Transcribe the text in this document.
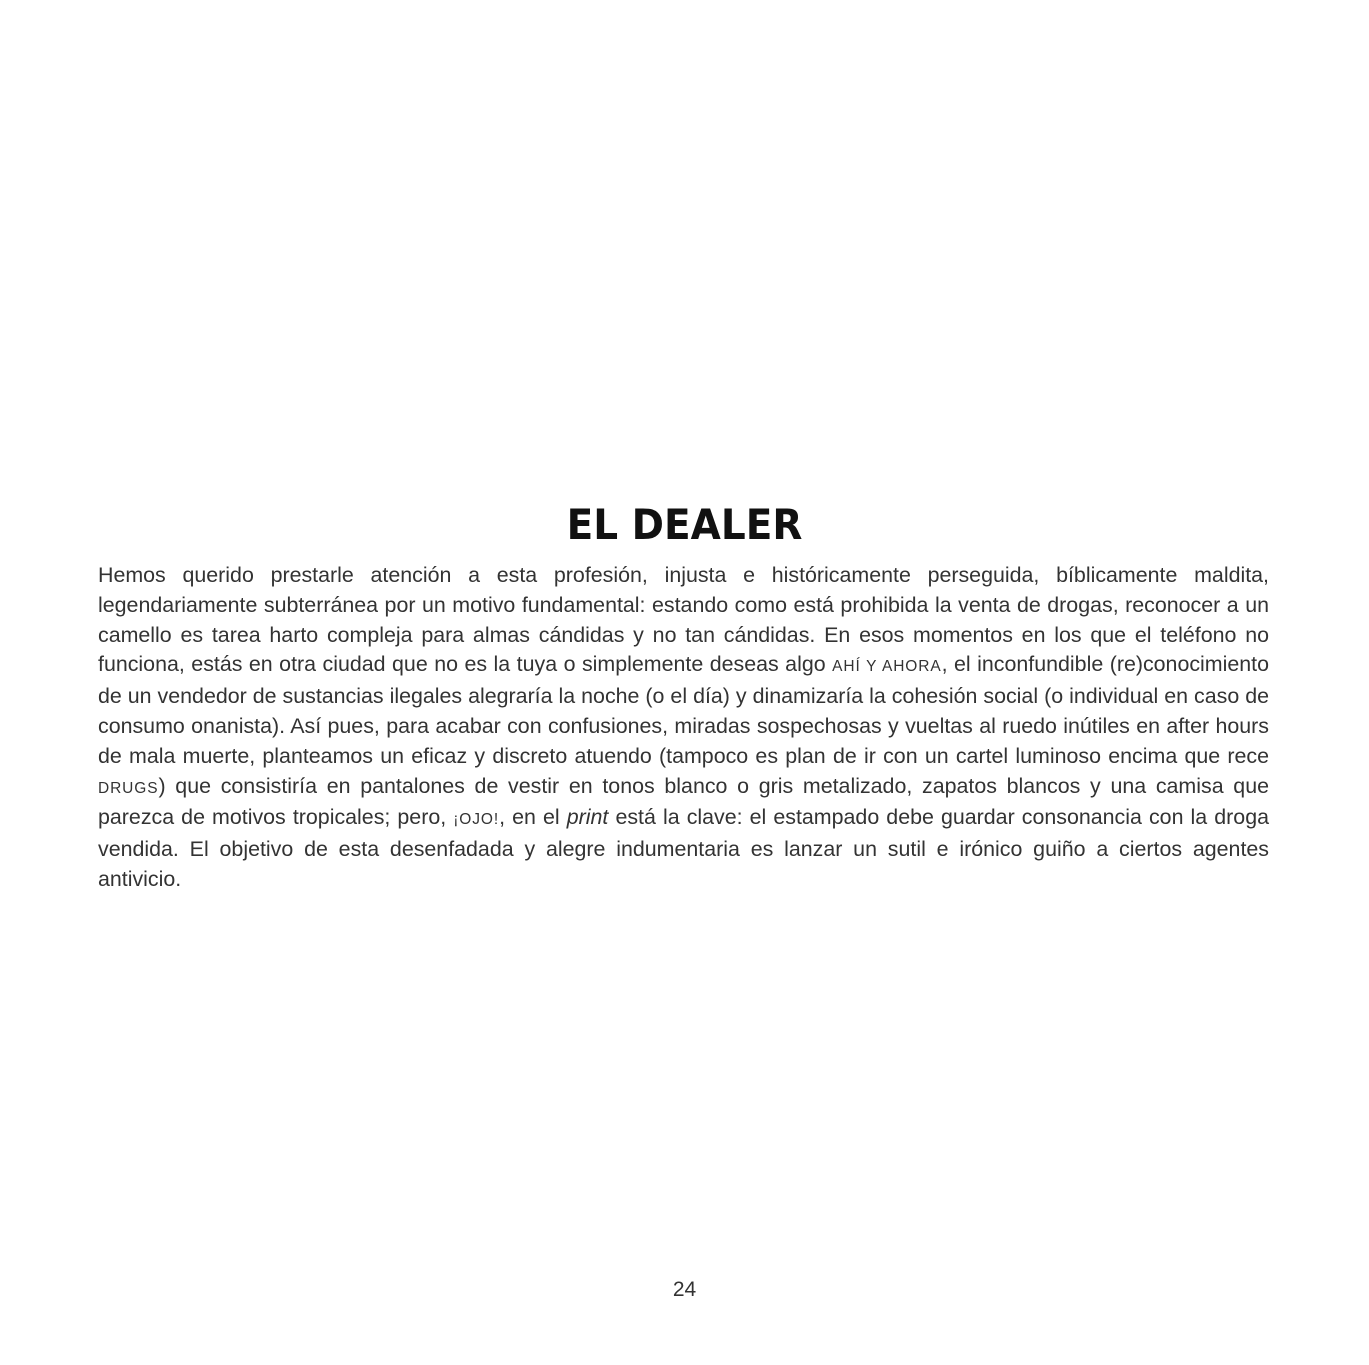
EL DEALER

Hemos querido prestarle atención a esta profesión, injusta e históricamente perseguida, bíblicamente maldita, legendariamente subterránea por un motivo fundamental: estando como está prohibida la venta de drogas, reconocer a un camello es tarea harto compleja para almas cándidas y no tan cándidas. En esos momentos en los que el teléfono no funciona, estás en otra ciudad que no es la tuya o simplemente deseas algo AHÍ Y AHORA, el inconfundible (re)conocimiento de un vendedor de sustancias ilegales alegraría la noche (o el día) y dinamizaría la cohesión social (o individual en caso de consumo onanista). Así pues, para acabar con confusiones, miradas sospechosas y vueltas al ruedo inútiles en after hours de mala muerte, planteamos un eficaz y discreto atuendo (tampoco es plan de ir con un cartel luminoso encima que rece DRUGS) que consistiría en pantalones de vestir en tonos blanco o gris metalizado, zapatos blancos y una camisa que parezca de motivos tropicales; pero, ¡OJO!, en el print está la clave: el estampado debe guardar consonancia con la droga vendida. El objetivo de esta desenfadada y alegre indumentaria es lanzar un sutil e irónico guiño a ciertos agentes antivicio.

24
